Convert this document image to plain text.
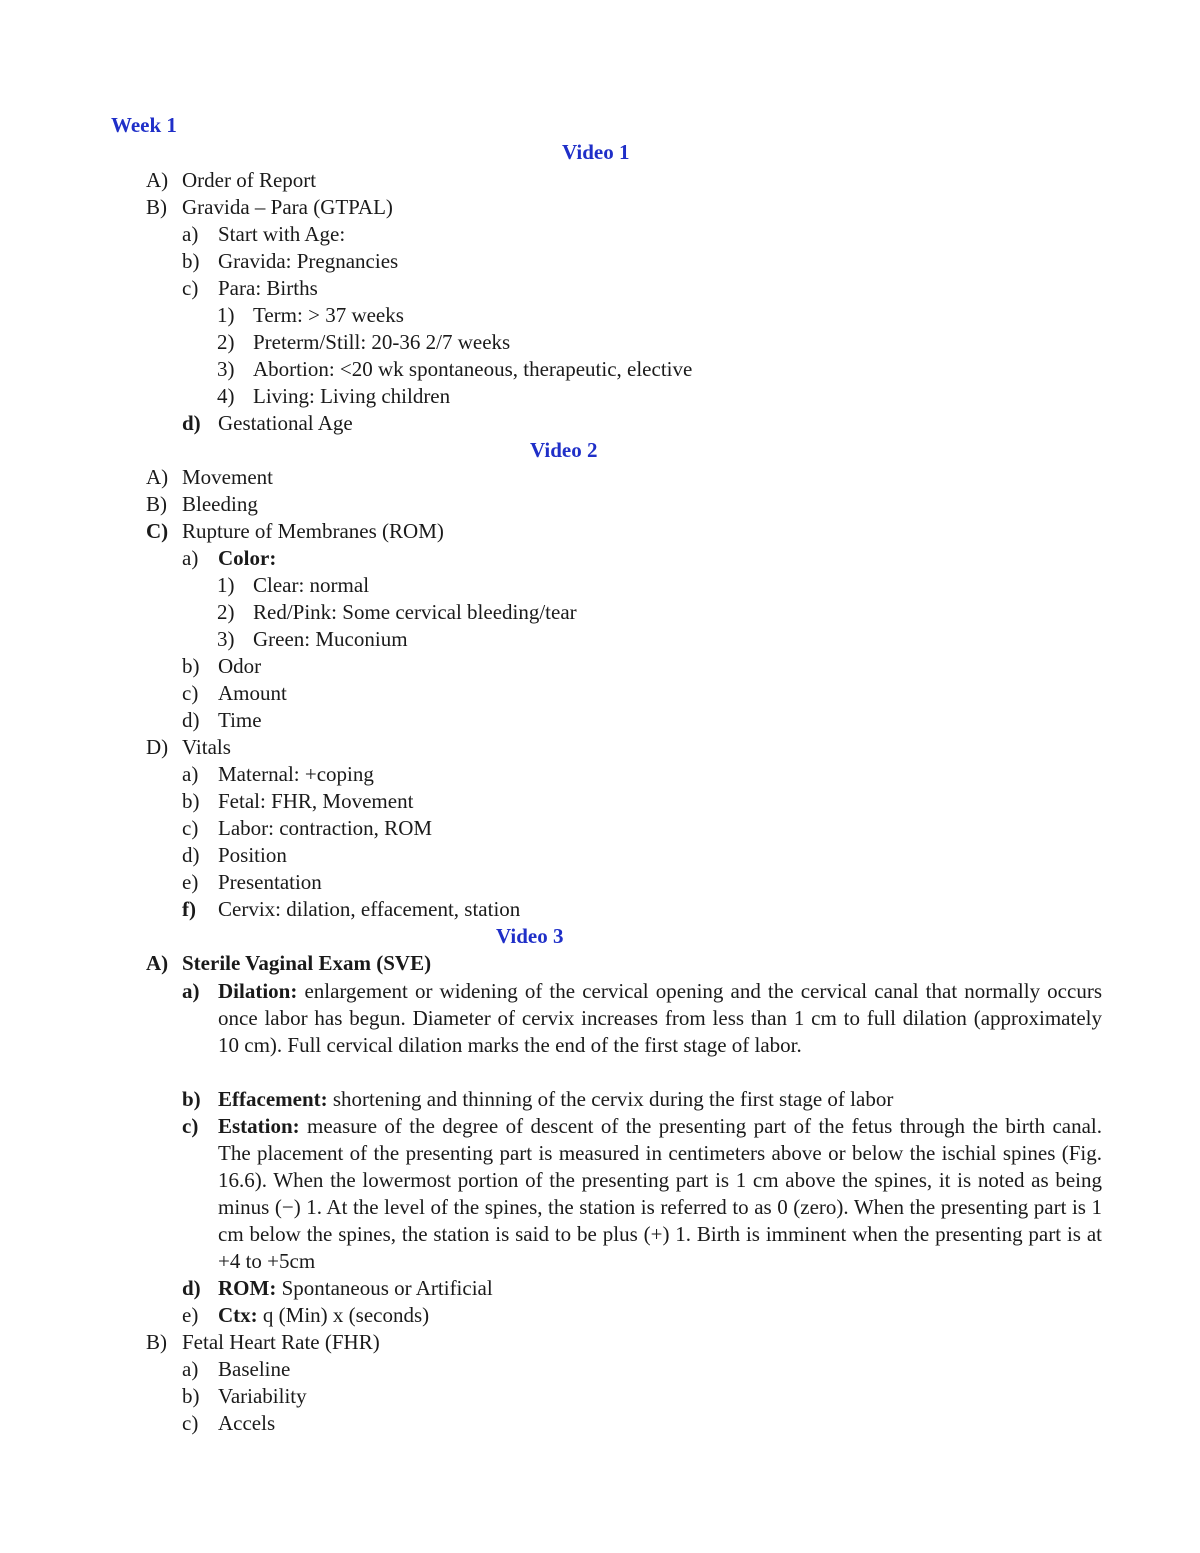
Week 1
Video 1
A) Order of Report
B) Gravida – Para (GTPAL)
a) Start with Age:
b) Gravida: Pregnancies
c) Para: Births
1) Term: > 37 weeks
2) Preterm/Still: 20-36 2/7 weeks
3) Abortion: <20 wk spontaneous, therapeutic, elective
4) Living: Living children
d) Gestational Age
Video 2
A) Movement
B) Bleeding
C) Rupture of Membranes (ROM)
a) Color:
1) Clear: normal
2) Red/Pink: Some cervical bleeding/tear
3) Green: Muconium
b) Odor
c) Amount
d) Time
D) Vitals
a) Maternal: +coping
b) Fetal: FHR, Movement
c) Labor: contraction, ROM
d) Position
e) Presentation
f) Cervix: dilation, effacement, station
Video 3
A) Sterile Vaginal Exam (SVE)
a) Dilation: enlargement or widening of the cervical opening and the cervical canal that normally occurs once labor has begun. Diameter of cervix increases from less than 1 cm to full dilation (approximately 10 cm). Full cervical dilation marks the end of the first stage of labor.
b) Effacement: shortening and thinning of the cervix during the first stage of labor
c) Estation: measure of the degree of descent of the presenting part of the fetus through the birth canal. The placement of the presenting part is measured in centimeters above or below the ischial spines (Fig. 16.6). When the lowermost portion of the presenting part is 1 cm above the spines, it is noted as being minus (−) 1. At the level of the spines, the station is referred to as 0 (zero). When the presenting part is 1 cm below the spines, the station is said to be plus (+) 1. Birth is imminent when the presenting part is at +4 to +5cm
d) ROM: Spontaneous or Artificial
e) Ctx: q (Min) x (seconds)
B) Fetal Heart Rate (FHR)
a) Baseline
b) Variability
c) Accels
